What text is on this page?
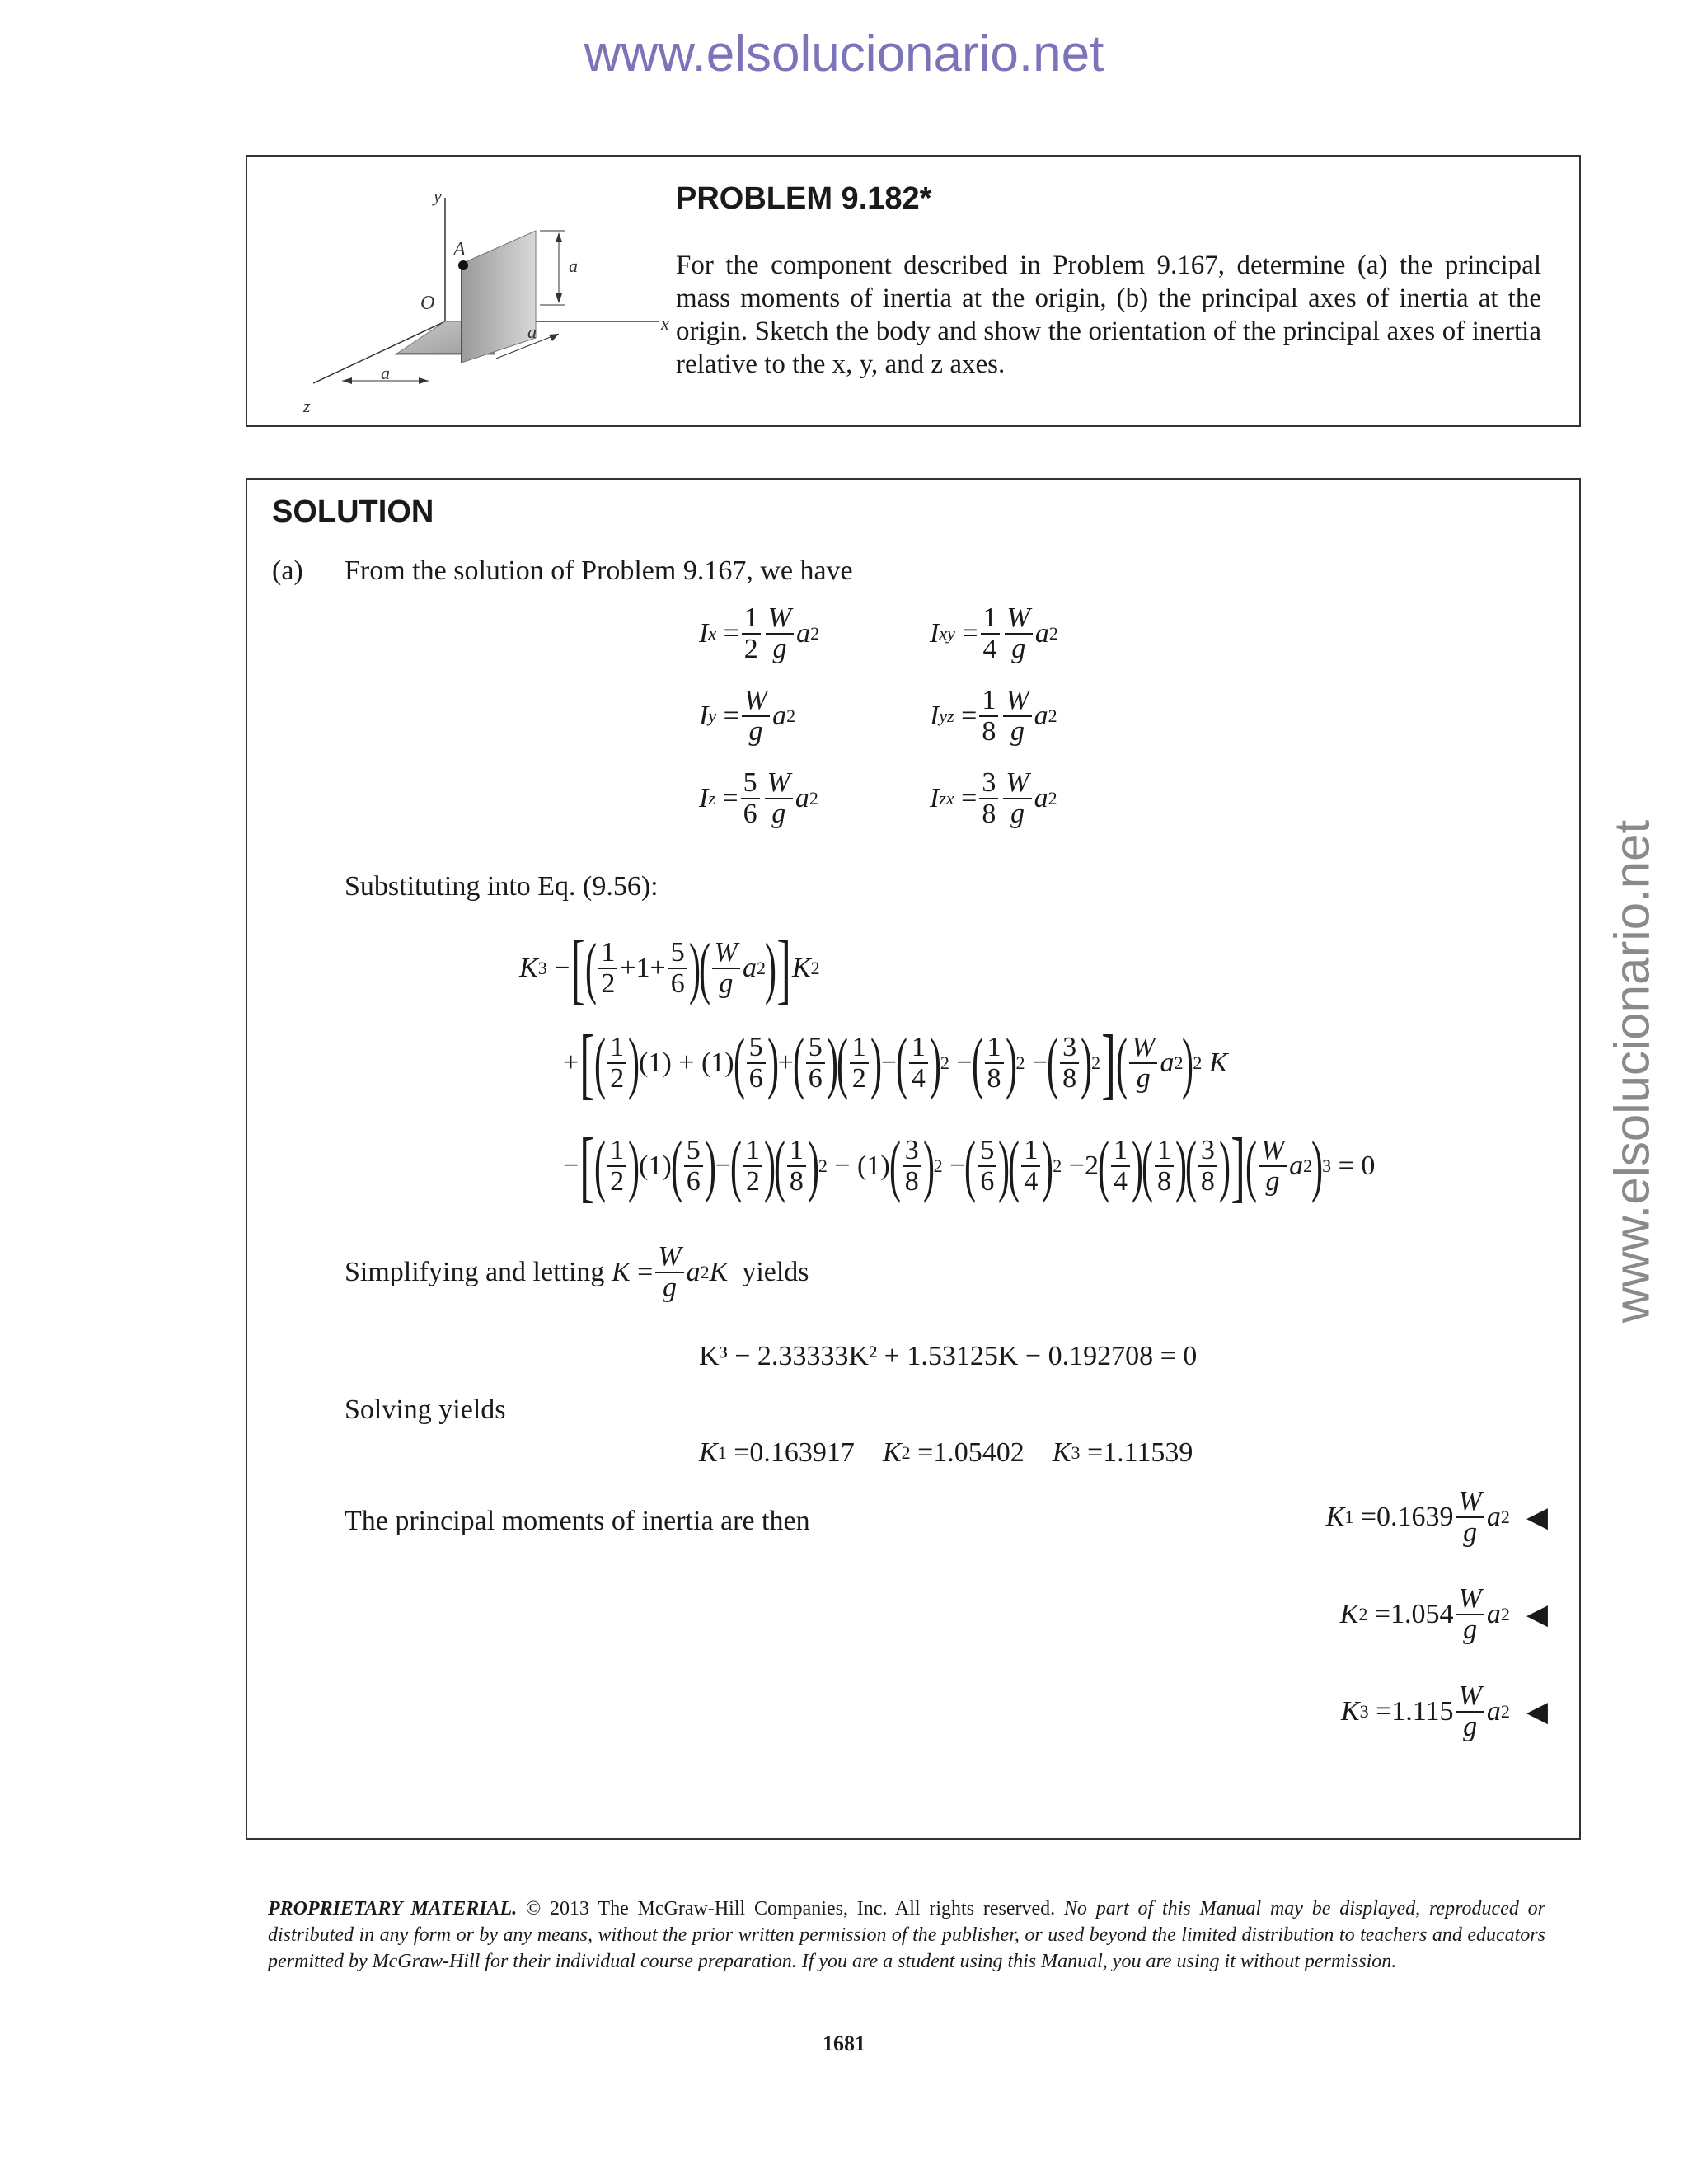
www.elsolucionario.net
www.elsolucionario.net
y
A
O
x
z
a
a
a
PROBLEM 9.182*
For the component described in Problem 9.167, determine (a) the principal mass moments of inertia at the origin, (b) the principal axes of inertia at the origin. Sketch the body and show the orientation of the principal axes of inertia relative to the x, y, and z axes.
SOLUTION
(a) From the solution of Problem 9.167, we have
I $x = \frac{1}{2} \frac{W}{g}$ a 2	I xy = $\frac{1}{4} \frac{W}{g}$ a 2
I $y = \frac{W}{g}$ a 2	I yz = $\frac{1}{8} \frac{W}{g}$ a 2
I $z = \frac{5}{6} \frac{W}{g}$ a 2	I zx = $\frac{3}{8} \frac{W}{g}$ a 2
Substituting into Eq. (9.56):
K 3 − [ ( $\frac{1}{2} +1+ \frac{5}{6}$ )
( $\frac{W}{g}$ a 2
) ] K 2
+ [ ( $\frac{1}{2}$ )
(1) + (1)
( $\frac{5}{6}$ )
+
( $\frac{5}{6}$ )
( $\frac{1}{2}$ )
−
( $\frac{1}{4}$ )
2 −
( $\frac{1}{8}$ )
2 −
( $\frac{3}{8}$ )
2 ] ( $\frac{W}{g}$ a 2
)
2
K
− [ ( $\frac{1}{2}$ )
(1)
( $\frac{5}{6}$ )
−
( $\frac{1}{2}$ )
( $\frac{1}{8}$ )
2 − (1)
( $\frac{3}{8}$ )
2 −
( $\frac{5}{6}$ )
( $\frac{1}{4}$ )
2 −2
( $\frac{1}{4}$ )
( $\frac{1}{8}$ )
( $\frac{3}{8}$ ) ] ( $\frac{W}{g}$ a 2
)
3 = 0
Simplifying and letting
$K = \frac{W}{g}$ a 2 K
yields
K³ − 2.33333K² + 1.53125K − 0.192708 = 0
Solving yields
K 1 = 0.163917 K 2 = 1.05402 K 3 = 1.11539
The principal moments of inertia are then	K $1 = 0.1639 \frac{W}{g}$ a 2 ◀
K $2 = 1.054 \frac{W}{g}$ a 2 ◀
K $3 = 1.115 \frac{W}{g}$ a 2 ◀
PROPRIETARY MATERIAL. © 2013 The McGraw-Hill Companies, Inc. All rights reserved. No part of this Manual may be displayed, reproduced or distributed in any form or by any means, without the prior written permission of the publisher, or used beyond the limited distribution to teachers and educators permitted by McGraw-Hill for their individual course preparation. If you are a student using this Manual, you are using it without permission.
1681
